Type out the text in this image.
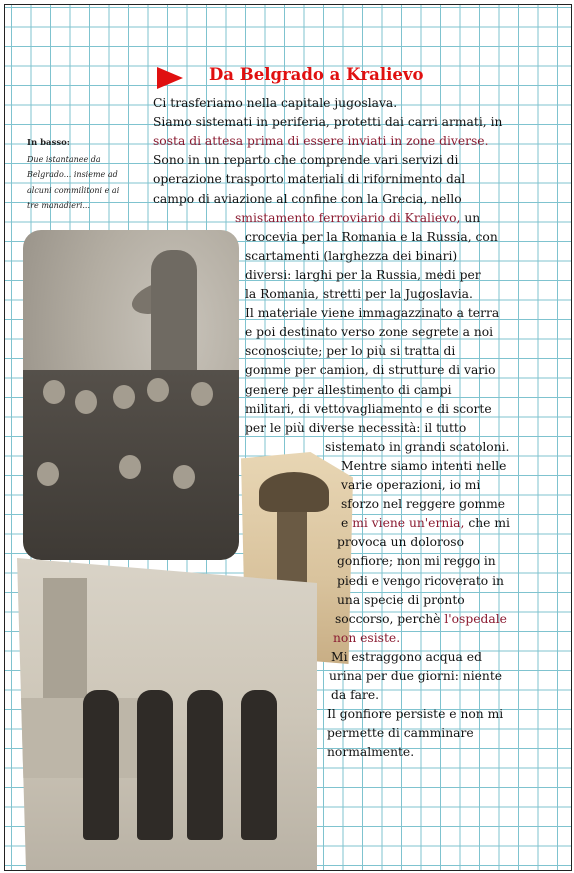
Da Belgrado a Kralievo
In basso:
Due istantanee da
Belgrado... insieme ad
alcuni commilitoni e ai
tre manadieri...
Ci trasferiamo nella capitale jugoslava.
Siamo sistemati in periferia, protetti dai carri armati, in
sosta di attesa prima di essere inviati in zone diverse.
Sono in un reparto che comprende vari servizi di
operazione trasporto materiali di rifornimento dal
campo di aviazione al confine con la Grecia, nello
smistamento ferroviario di Kralievo, un
crocevia per la Romania e la Russia, con
scartamenti (larghezza dei binari)
diversi: larghi per la Russia, medi per
la Romania, stretti per la Jugoslavia.
Il materiale viene immagazzinato a terra
e poi destinato verso zone segrete a noi
sconosciute; per lo più si tratta di
gomme per camion, di strutture di vario
genere per allestimento di campi
militari, di vettovagliamento e di scorte
per le più diverse necessità: il tutto
sistemato in grandi scatoloni.
Mentre siamo intenti nelle
varie operazioni, io mi
sforzo nel reggere gomme
e mi viene un'ernia, che mi
provoca un doloroso
gonfiore; non mi reggo in
piedi e vengo ricoverato in
una specie di pronto
soccorso, perchè l'ospedale
non esiste.
Mi estraggono acqua ed
urina per due giorni: niente
da fare.
Il gonfiore persiste e non mi
permette di camminare
normalmente.
